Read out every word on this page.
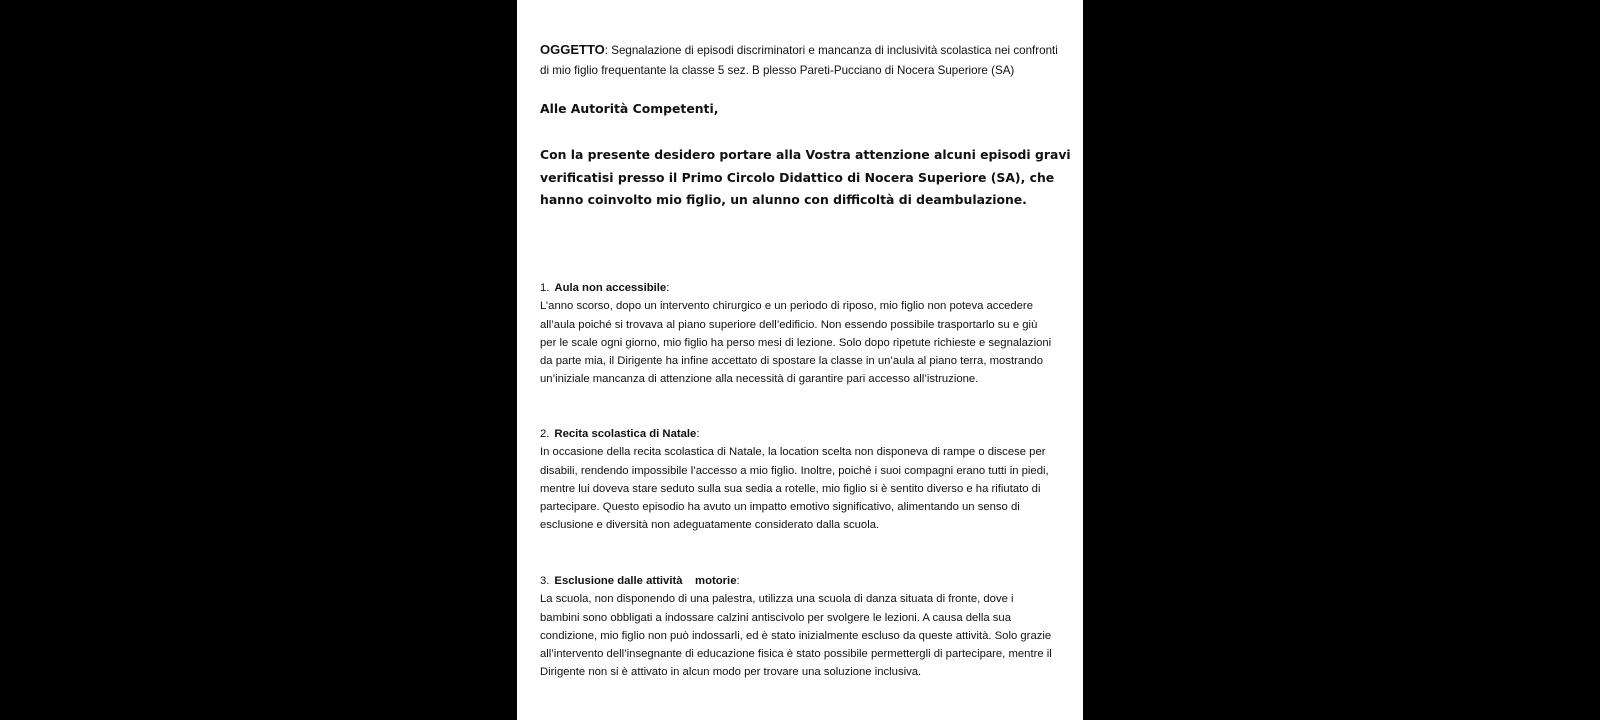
OGGETTO: Segnalazione di episodi discriminatori e mancanza di inclusività scolastica nei confronti di mio figlio frequentante la classe 5 sez. B plesso Pareti-Pucciano di Nocera Superiore (SA)
Alle Autorità Competenti,
Con la presente desidero portare alla Vostra attenzione alcuni episodi gravi
verificatisi presso il Primo Circolo Didattico di Nocera Superiore (SA), che
hanno coinvolto mio figlio, un alunno con difficoltà di deambulazione.
1. Aula non accessibile:
L’anno scorso, dopo un intervento chirurgico e un periodo di riposo, mio figlio non poteva accedere
all’aula poiché si trovava al piano superiore dell’edificio. Non essendo possibile trasportarlo su e giù
per le scale ogni giorno, mio figlio ha perso mesi di lezione. Solo dopo ripetute richieste e segnalazioni
da parte mia, il Dirigente ha infine accettato di spostare la classe in un’aula al piano terra, mostrando
un’iniziale mancanza di attenzione alla necessità di garantire pari accesso all’istruzione.
2. Recita scolastica di Natale:
In occasione della recita scolastica di Natale, la location scelta non disponeva di rampe o discese per
disabili, rendendo impossibile l’accesso a mio figlio. Inoltre, poiché i suoi compagni erano tutti in piedi,
mentre lui doveva stare seduto sulla sua sedia a rotelle, mio figlio si è sentito diverso e ha rifiutato di
partecipare. Questo episodio ha avuto un impatto emotivo significativo, alimentando un senso di
esclusione e diversità non adeguatamente considerato dalla scuola.
3. Esclusione dalle attività    motorie:
La scuola, non disponendo di una palestra, utilizza una scuola di danza situata di fronte, dove i
bambini sono obbligati a indossare calzini antiscivolo per svolgere le lezioni. A causa della sua
condizione, mio figlio non può indossarli, ed è stato inizialmente escluso da queste attività. Solo grazie
all’intervento dell’insegnante di educazione fisica è stato possibile permettergli di partecipare, mentre il
Dirigente non si è attivato in alcun modo per trovare una soluzione inclusiva.
